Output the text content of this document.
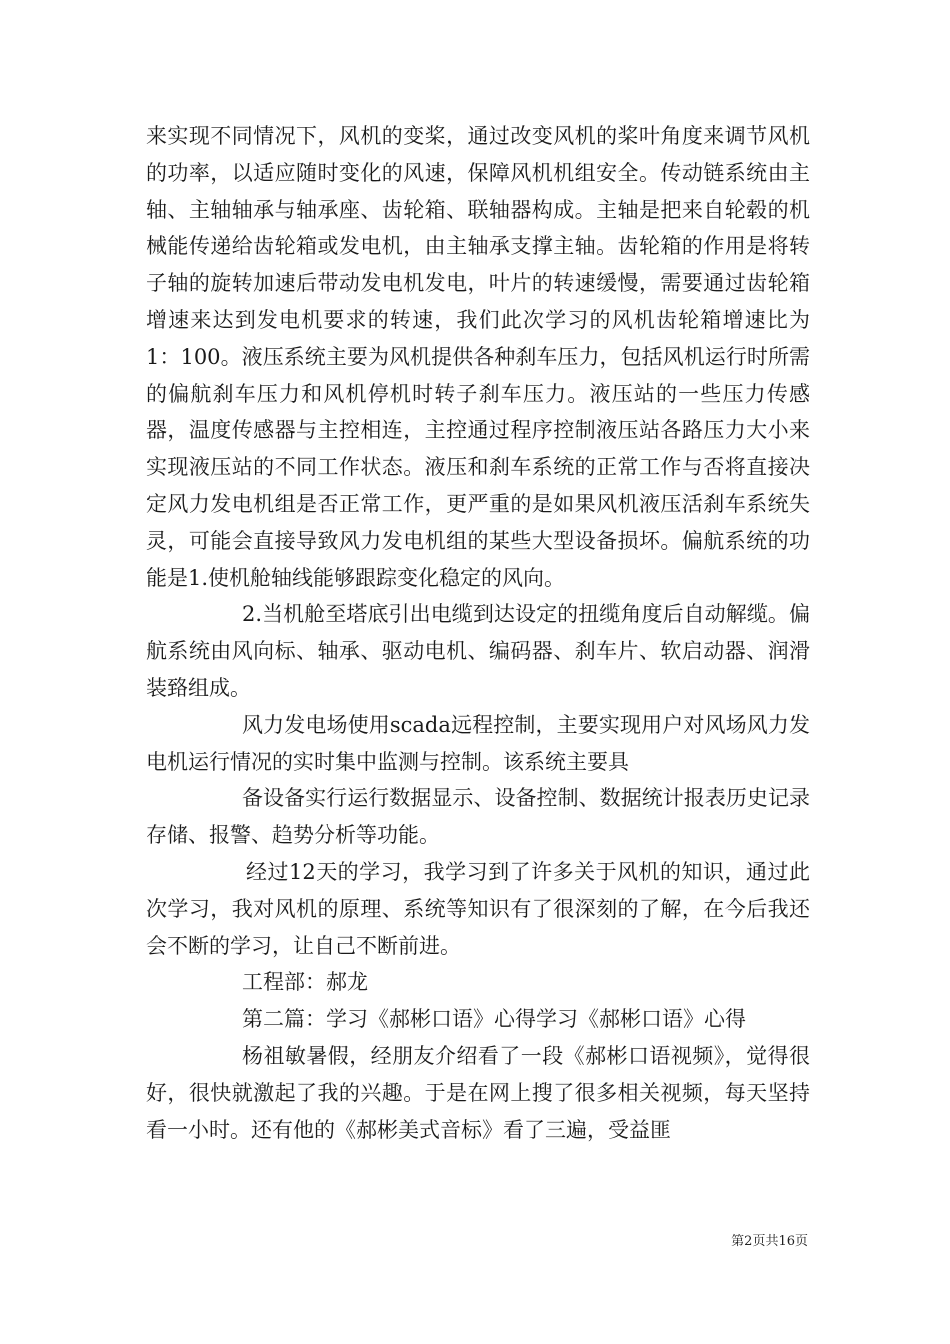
来实现不同情况下，风机的变桨，通过改变风机的桨叶角度来调节风机的功率，以适应随时变化的风速，保障风机机组安全。传动链系统由主轴、主轴轴承与轴承座、齿轮箱、联轴器构成。主轴是把来自轮毂的机械能传递给齿轮箱或发电机，由主轴承支撑主轴。齿轮箱的作用是将转子轴的旋转加速后带动发电机发电，叶片的转速缓慢，需要通过齿轮箱增速来达到发电机要求的转速，我们此次学习的风机齿轮箱增速比为1：100。液压系统主要为风机提供各种刹车压力，包括风机运行时所需的偏航刹车压力和风机停机时转子刹车压力。液压站的一些压力传感器，温度传感器与主控相连，主控通过程序控制液压站各路压力大小来实现液压站的不同工作状态。液压和刹车系统的正常工作与否将直接决定风力发电机组是否正常工作，更严重的是如果风机液压活刹车系统失灵，可能会直接导致风力发电机组的某些大型设备损坏。偏航系统的功能是1.使机舱轴线能够跟踪变化稳定的风向。

2.当机舱至塔底引出电缆到达设定的扭缆角度后自动解缆。偏航系统由风向标、轴承、驱动电机、编码器、刹车片、软启动器、润滑装臵组成。

风力发电场使用scada远程控制，主要实现用户对风场风力发电机运行情况的实时集中监测与控制。该系统主要具

备设备实行运行数据显示、设备控制、数据统计报表历史记录存储、报警、趋势分析等功能。

经过12天的学习，我学习到了许多关于风机的知识，通过此次学习，我对风机的原理、系统等知识有了很深刻的了解，在今后我还会不断的学习，让自己不断前进。

工程部：郝龙

第二篇：学习《郝彬口语》心得学习《郝彬口语》心得

杨祖敏暑假，经朋友介绍看了一段《郝彬口语视频》，觉得很好，很快就激起了我的兴趣。于是在网上搜了很多相关视频，每天坚持看一小时。还有他的《郝彬美式音标》看了三遍，受益匪

第2页共16页
